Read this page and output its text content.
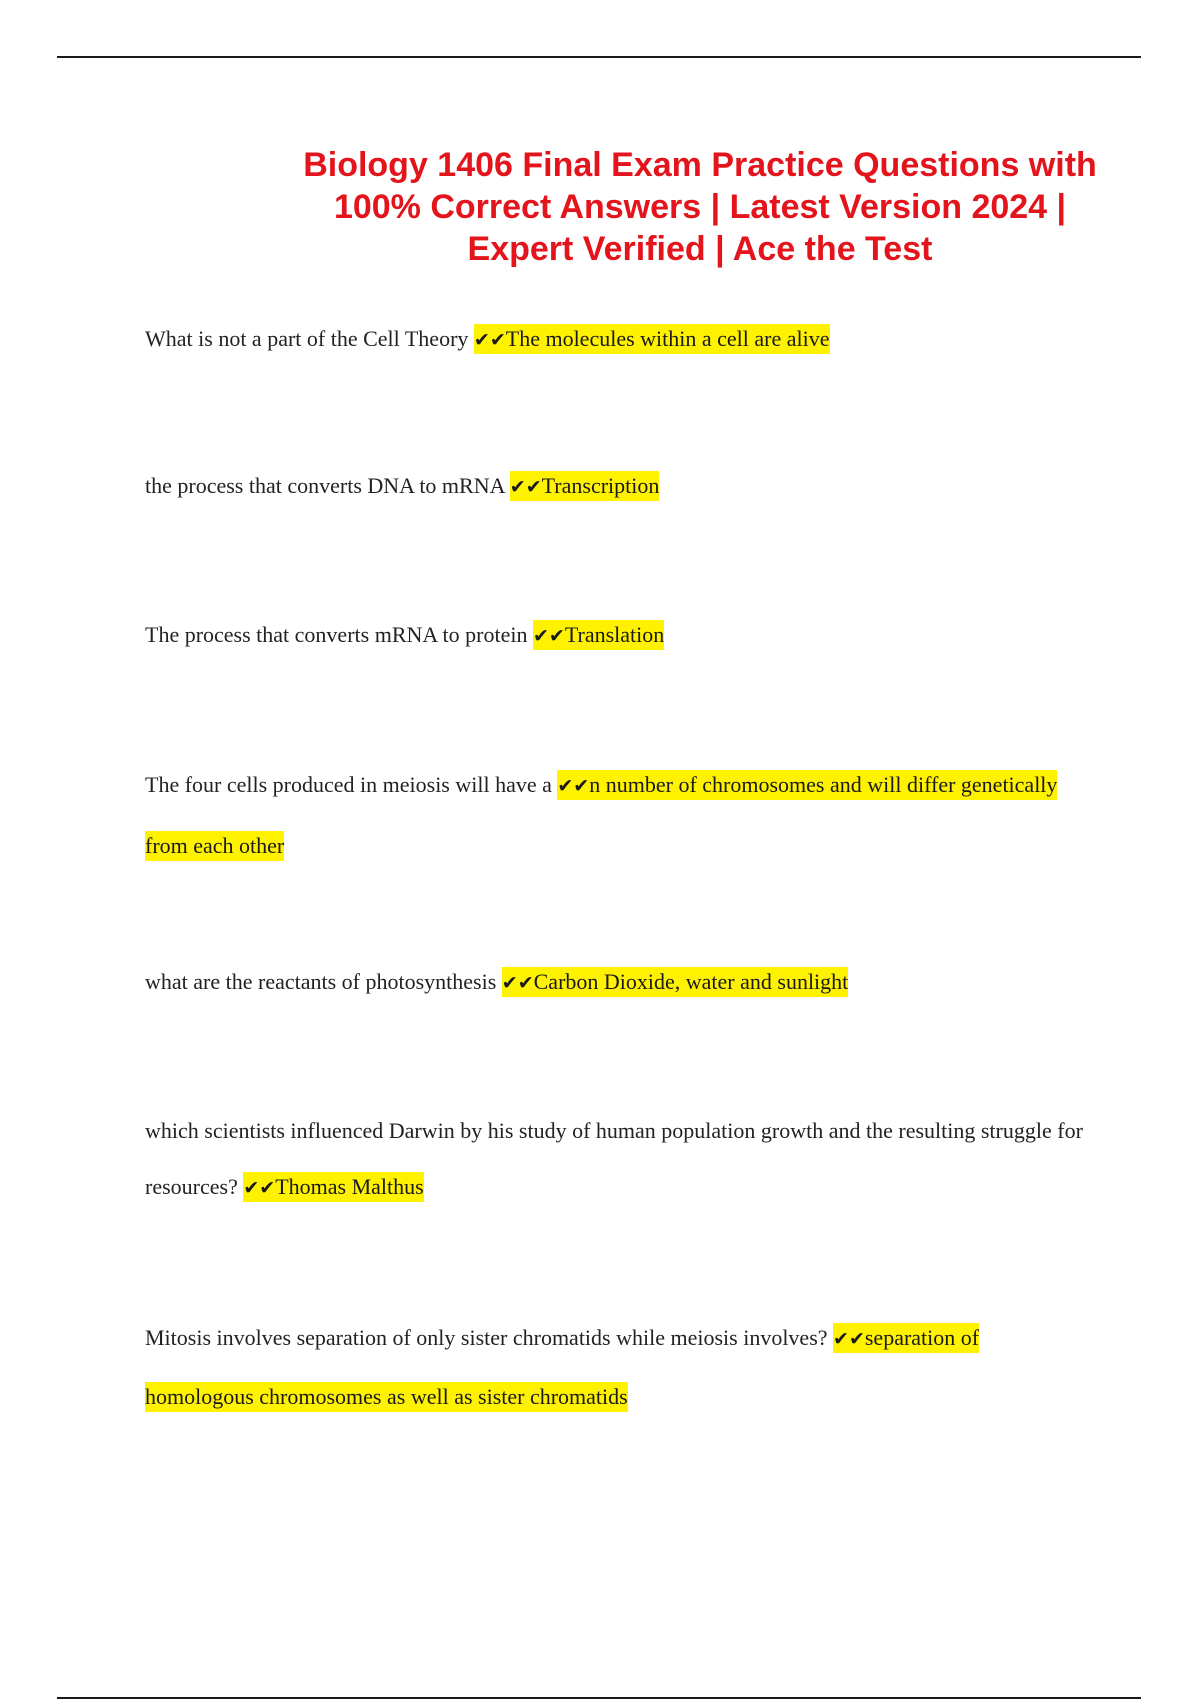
Biology 1406 Final Exam Practice Questions with 100% Correct Answers | Latest Version 2024 | Expert Verified | Ace the Test

What is not a part of the Cell Theory ✔✔The molecules within a cell are alive

the process that converts DNA to mRNA ✔✔Transcription

The process that converts mRNA to protein ✔✔Translation

The four cells produced in meiosis will have a ✔✔n number of chromosomes and will differ genetically from each other

what are the reactants of photosynthesis ✔✔Carbon Dioxide, water and sunlight

which scientists influenced Darwin by his study of human population growth and the resulting struggle for resources? ✔✔Thomas Malthus

Mitosis involves separation of only sister chromatids while meiosis involves? ✔✔separation of homologous chromosomes as well as sister chromatids
